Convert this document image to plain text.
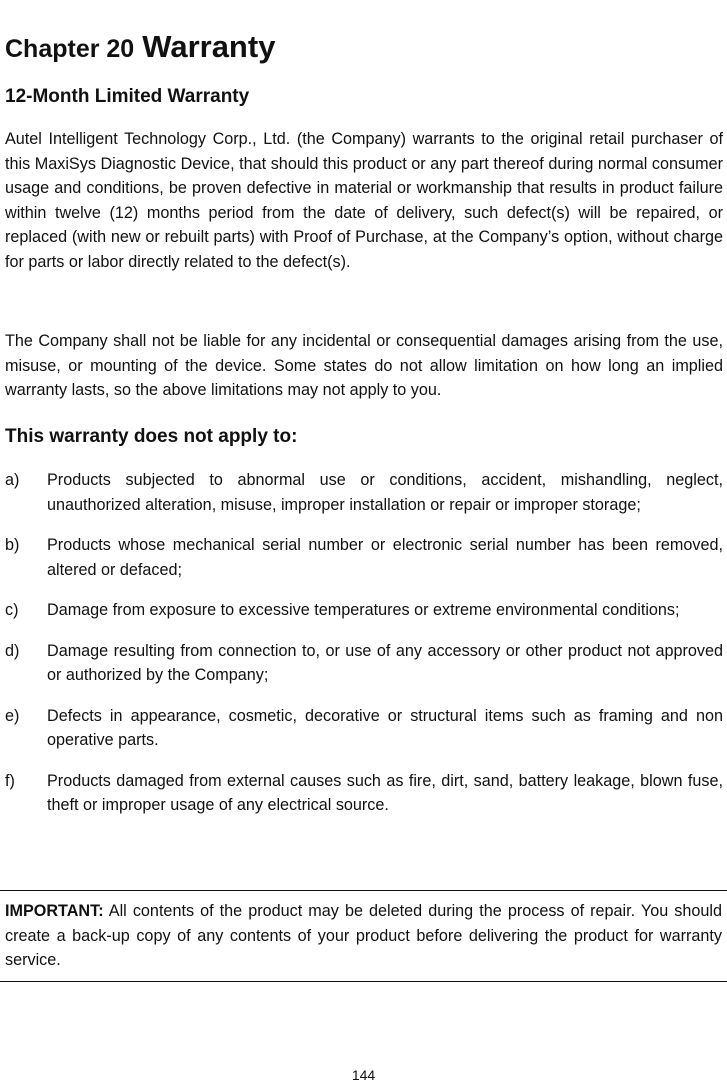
Chapter 20 Warranty
12-Month Limited Warranty

Autel Intelligent Technology Corp., Ltd. (the Company) warrants to the original retail purchaser of this MaxiSys Diagnostic Device, that should this product or any part thereof during normal consumer usage and conditions, be proven defective in material or workmanship that results in product failure within twelve (12) months period from the date of delivery, such defect(s) will be repaired, or replaced (with new or rebuilt parts) with Proof of Purchase, at the Company’s option, without charge for parts or labor directly related to the defect(s).

The Company shall not be liable for any incidental or consequential damages arising from the use, misuse, or mounting of the device. Some states do not allow limitation on how long an implied warranty lasts, so the above limitations may not apply to you.

This warranty does not apply to:
a) Products subjected to abnormal use or conditions, accident, mishandling, neglect, unauthorized alteration, misuse, improper installation or repair or improper storage;
b) Products whose mechanical serial number or electronic serial number has been removed, altered or defaced;
c) Damage from exposure to excessive temperatures or extreme environmental conditions;
d) Damage resulting from connection to, or use of any accessory or other product not approved or authorized by the Company;
e) Defects in appearance, cosmetic, decorative or structural items such as framing and non operative parts.
f) Products damaged from external causes such as fire, dirt, sand, battery leakage, blown fuse, theft or improper usage of any electrical source.
IMPORTANT: All contents of the product may be deleted during the process of repair. You should create a back-up copy of any contents of your product before delivering the product for warranty service.
144
